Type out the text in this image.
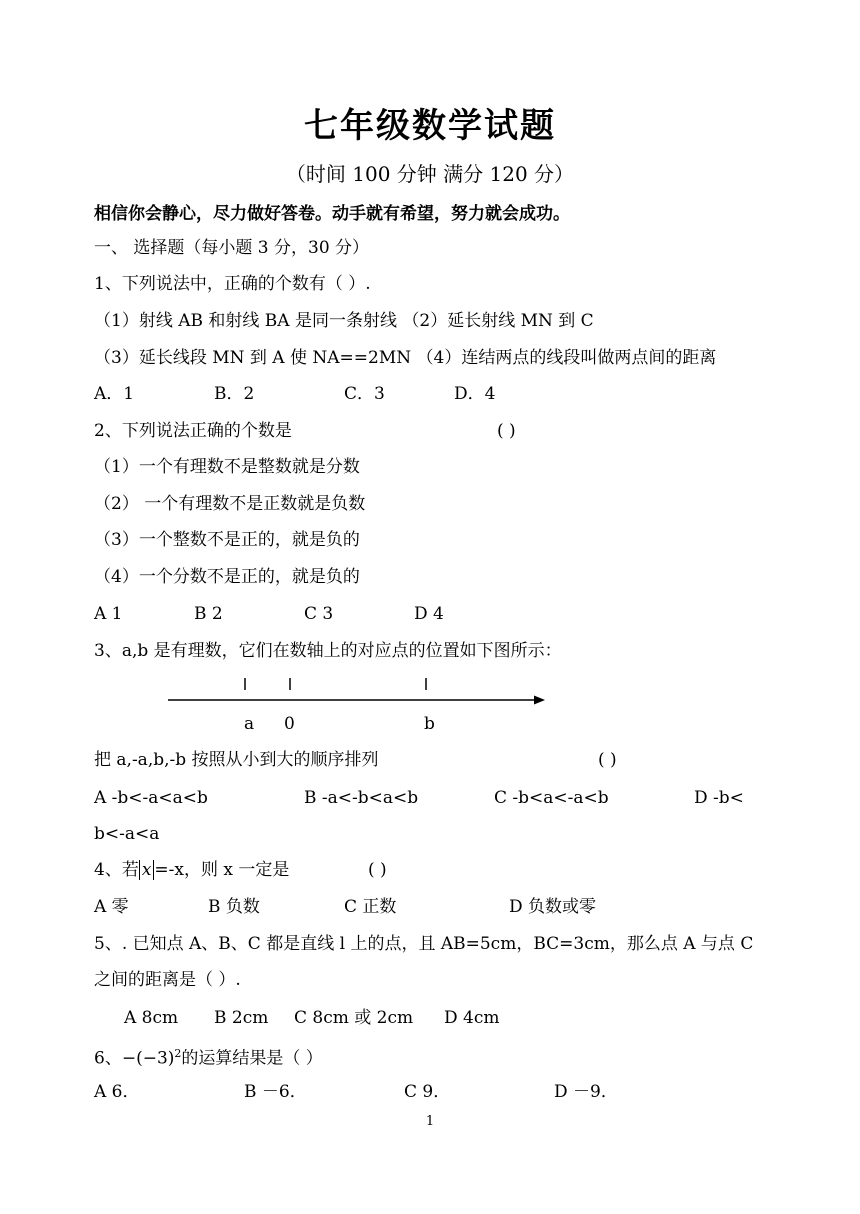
七年级数学试题
（时间 100 分钟 满分 120 分）
相信你会静心，尽力做好答卷。动手就有希望，努力就会成功。
一、 选择题（每小题 3 分，30 分）
1、下列说法中，正确的个数有（ ）.
（1）射线 AB 和射线 BA 是同一条射线 （2）延长射线 MN 到 C
（3）延长线段 MN 到 A 使 NA==2MN （4）连结两点的线段叫做两点间的距离
A．1	B．2	C．3	D．4
2、下列说法正确的个数是	( )
（1）一个有理数不是整数就是分数
（2） 一个有理数不是正数就是负数
（3）一个整数不是正的，就是负的
（4）一个分数不是正的，就是负的
A 1	B 2	C 3	D 4
3、a,b 是有理数，它们在数轴上的对应点的位置如下图所示：
a 0	b
把 a,-a,b,-b 按照从小到大的顺序排列	( )
A -b<-a<a<b	B -a<-b<a<b	C -b<a<-a<b	D -b<
b<-a<a
4、若 x =-x，则 x 一定是	( )
A 零	B 负数	C 正数	D 负数或零
5、. 已知点 A、B、C 都是直线 l 上的点，且 AB=5cm，BC=3cm，那么点 A 与点 C
之间的距离是（ ）.
A 8cm B 2cm C 8cm 或 2cm D 4cm
6、$-(-3)^2$的运算结果是（ ）
A 6．	B －6．	C 9．	D －9．
1
